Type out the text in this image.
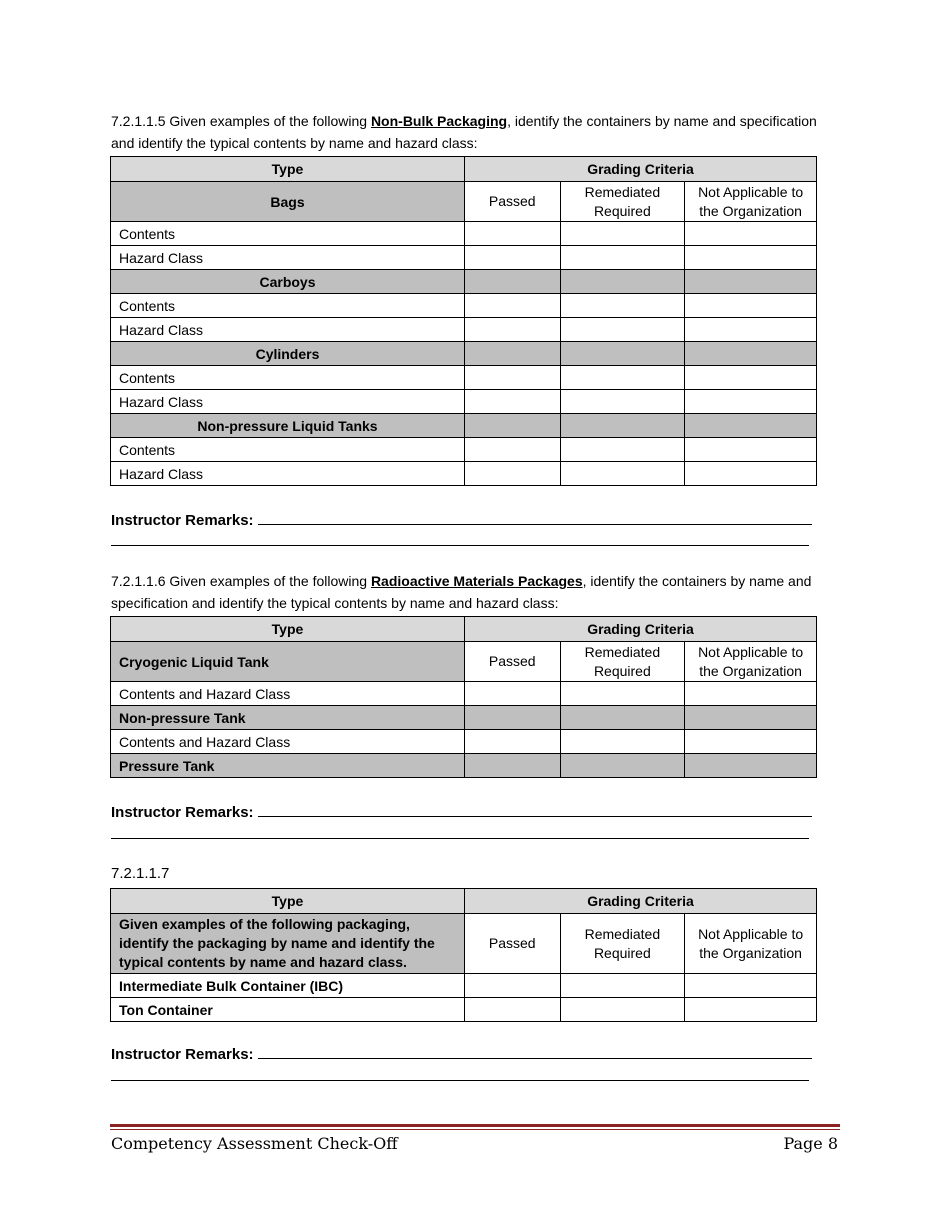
7.2.1.1.5 Given examples of the following Non-Bulk Packaging, identify the containers by name and specification and identify the typical contents by name and hazard class:

Type	Grading Criteria		
Bags	Passed	Remediated Required	Not Applicable to the Organization
Contents			
Hazard Class			
Carboys			
Contents			
Hazard Class			
Cylinders			
Contents			
Hazard Class			
Non-pressure Liquid Tanks			
Contents			
Hazard Class			
Instructor Remarks:

7.2.1.1.6 Given examples of the following Radioactive Materials Packages, identify the containers by name and specification and identify the typical contents by name and hazard class:

Type	Grading Criteria		
Cryogenic Liquid Tank	Passed	Remediated Required	Not Applicable to the Organization
Contents and Hazard Class			
Non-pressure Tank			
Contents and Hazard Class			
Pressure Tank			
Instructor Remarks:
7.2.1.1.7
Type	Grading Criteria		
Given examples of the following packaging, identify the packaging by name and identify the typical contents by name and hazard class.	Passed	Remediated Required	Not Applicable to the Organization
Intermediate Bulk Container (IBC)			
Ton Container			
Instructor Remarks:
Competency Assessment Check-Off	Page 8
